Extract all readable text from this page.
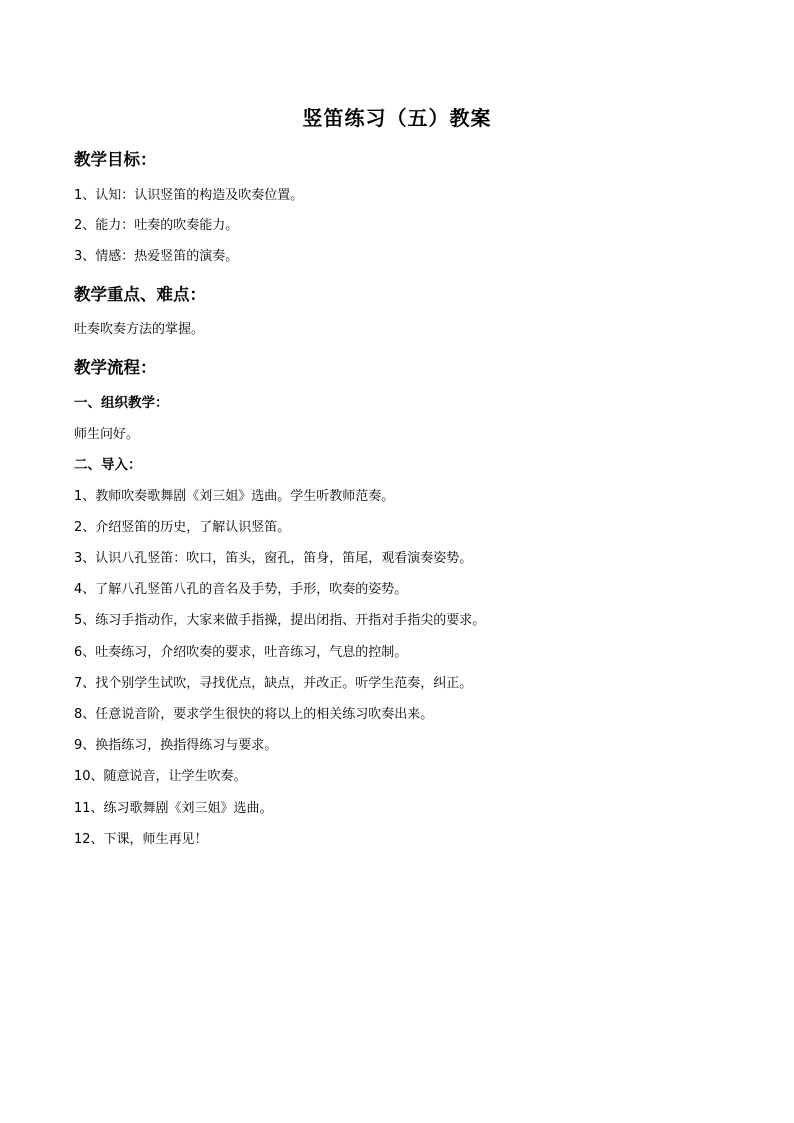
竖笛练习（五）教案
教学目标：
1、认知：认识竖笛的构造及吹奏位置。
2、能力：吐奏的吹奏能力。
3、情感：热爱竖笛的演奏。
教学重点、难点：
吐奏吹奏方法的掌握。
教学流程：
一、组织教学：
师生问好。
二、导入：
1、教师吹奏歌舞剧《刘三姐》选曲。学生听教师范奏。
2、介绍竖笛的历史，了解认识竖笛。
3、认识八孔竖笛：吹口，笛头，窗孔，笛身，笛尾，观看演奏姿势。
4、了解八孔竖笛八孔的音名及手势，手形，吹奏的姿势。
5、练习手指动作，大家来做手指操，提出闭指、开指对手指尖的要求。
6、吐奏练习，介绍吹奏的要求，吐音练习，气息的控制。
7、找个别学生试吹，寻找优点，缺点，并改正。听学生范奏，纠正。
8、任意说音阶，要求学生很快的将以上的相关练习吹奏出来。
9、换指练习，换指得练习与要求。
10、随意说音，让学生吹奏。
11、练习歌舞剧《刘三姐》选曲。
12、下课，师生再见！
